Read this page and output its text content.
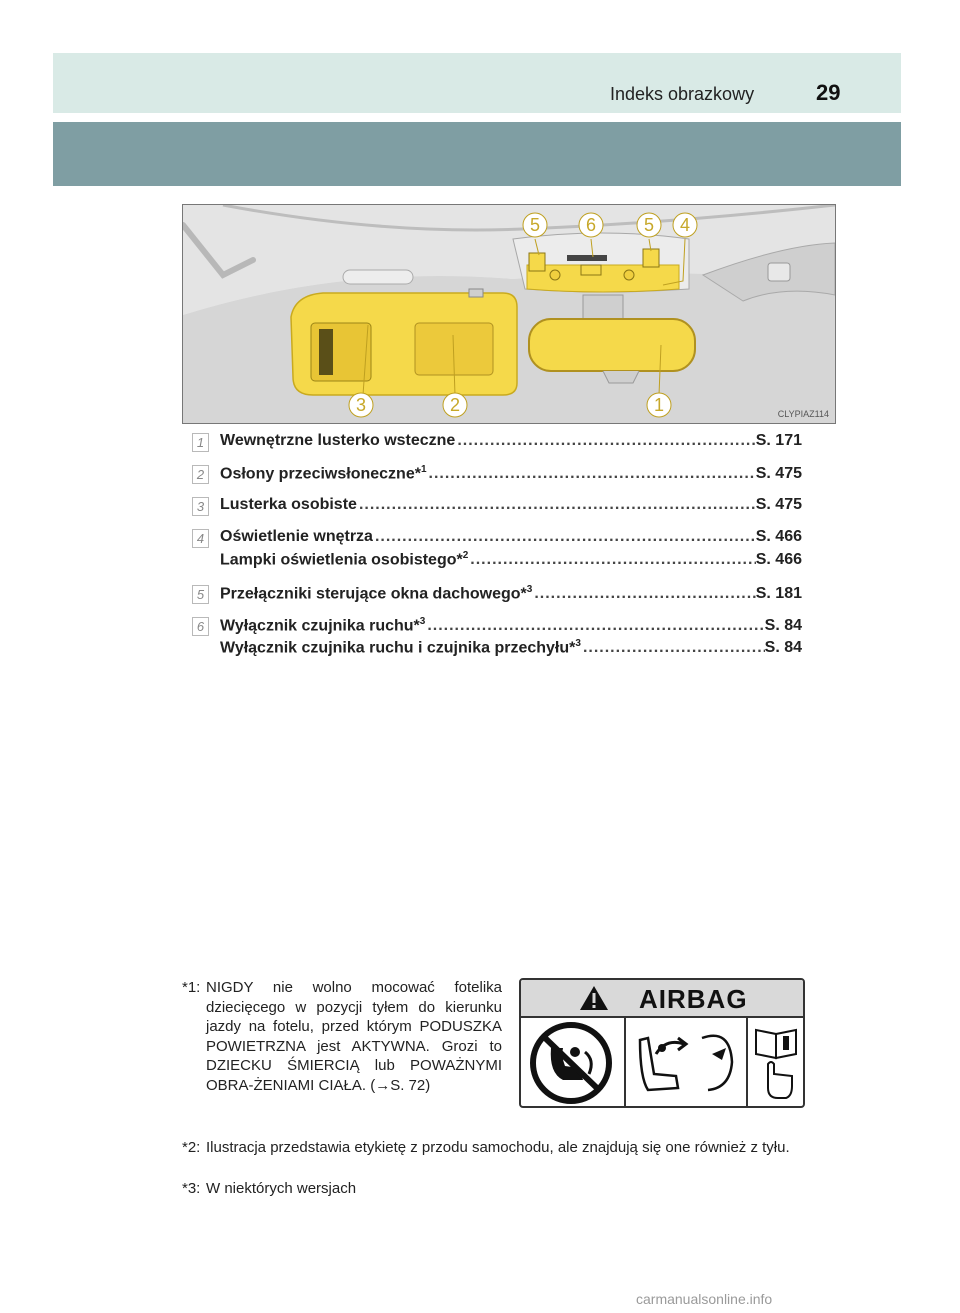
Indeks obrazkowy	29
3	2	1
5	6	5 4
CLYPIAZ114
1 Wewnętrzne lusterko wsteczne .....	S. 171
2 Osłony przeciwsłoneczne*$^1$ .....	S. 475
3 Lusterka osobiste .....	S. 475
4 Oświetlenie wnętrza .....	S. 466
Lampki oświetlenia osobistego*$^2$ .....	S. 466
5 Przełączniki sterujące okna dachowego*$^3$ .....	S. 181
6 Wyłącznik czujnika ruchu*$^3$ .....	S. 84
Wyłącznik czujnika ruchu i czujnika przechyłu*$^3$ .....	S. 84
*1: NIGDY nie wolno mocować fotelika dziecięcego w pozycji tyłem do kierunku jazdy na fotelu, przed którym PODUSZKA POWIETRZNA jest AKTYWNA. Grozi to DZIECKU ŚMIERCIĄ lub POWAŻNYMI OBRA-ŻENIAMI CIAŁA. (→S. 72)
*2: Ilustracja przedstawia etykietę z przodu samochodu, ale znajdują się one również z tyłu.
*3: W niektórych wersjach
AIRBAG
carmanualsonline.info
